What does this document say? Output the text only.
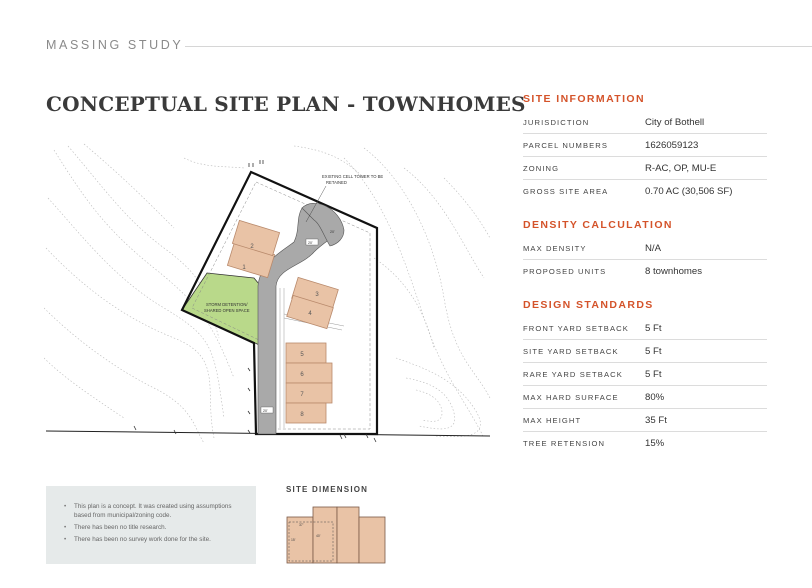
MASSING STUDY
CONCEPTUAL SITE PLAN - TOWNHOMES
1
2
3
4
5
6
7
8
EXISTING CELL TOWER TO BE
RETAINED
STORM DETENTION/
SHARED OPEN SPACE
20'
20'
20'
SITE INFORMATION
JURISDICTION	City of Bothell
PARCEL NUMBERS	1626059123
ZONING	R-AC, OP, MU-E
GROSS SITE AREA	0.70 AC (30,506 SF)
DENSITY CALCULATION
MAX DENSITY	N/A
PROPOSED UNITS	8 townhomes
DESIGN STANDARDS
FRONT YARD SETBACK	5 Ft
SITE YARD SETBACK	5 Ft
RARE YARD SETBACK	5 Ft
MAX HARD SURFACE	80%
MAX HEIGHT	35 Ft
TREE RETENSION	15%
• This plan is a concept. It was created using assumptions based from municipal/zoning code.
• There has been no title research.
• There has been no survey work done for the site.
SITE DIMENSION
37'
15'
40'
